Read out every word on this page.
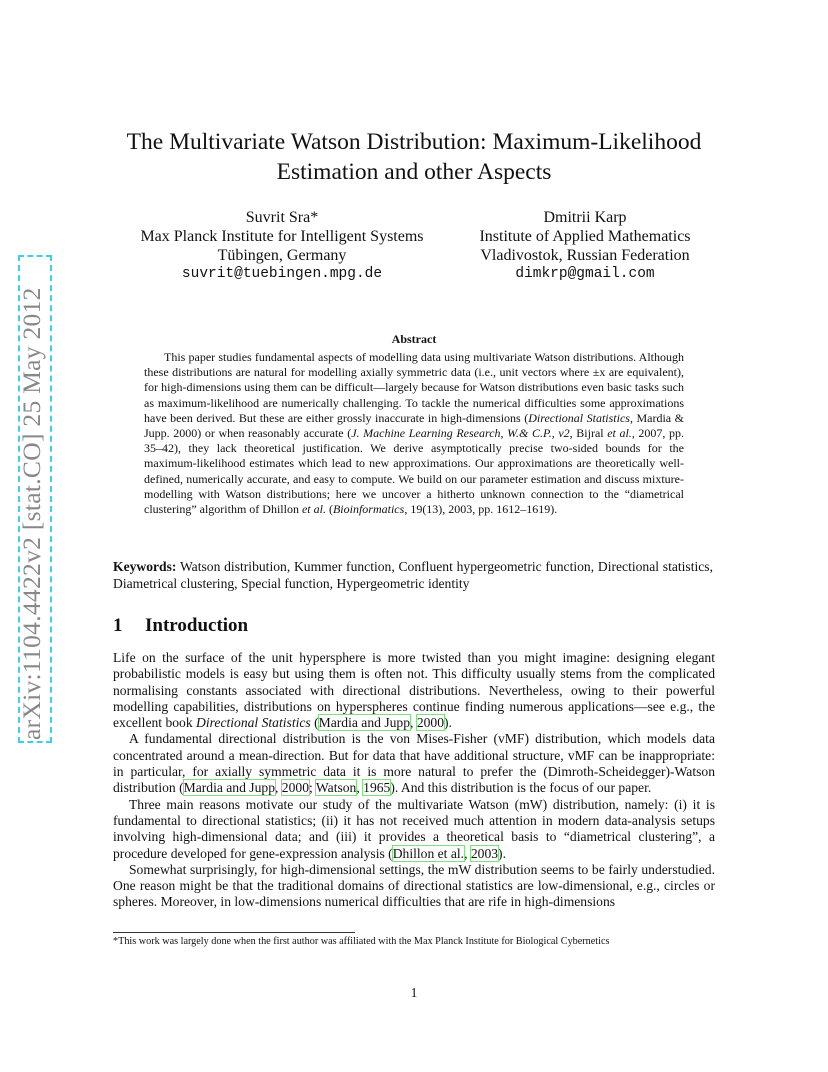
arXiv:1104.4422v2 [stat.CO] 25 May 2012
The Multivariate Watson Distribution: Maximum-Likelihood Estimation and other Aspects
Suvrit Sra*
Max Planck Institute for Intelligent Systems
Tübingen, Germany
suvrit@tuebingen.mpg.de
Dmitrii Karp
Institute of Applied Mathematics
Vladivostok, Russian Federation
dimkrp@gmail.com
Abstract
This paper studies fundamental aspects of modelling data using multivariate Watson distributions. Although these distributions are natural for modelling axially symmetric data (i.e., unit vectors where ±x are equivalent), for high-dimensions using them can be difficult—largely because for Watson distributions even basic tasks such as maximum-likelihood are numerically challenging. To tackle the numerical difficulties some approximations have been derived. But these are either grossly inaccurate in high-dimensions (Directional Statistics, Mardia & Jupp. 2000) or when reasonably accurate (J. Machine Learning Research, W.& C.P., v2, Bijral et al., 2007, pp. 35–42), they lack theoretical justification. We derive asymptotically precise two-sided bounds for the maximum-likelihood estimates which lead to new approximations. Our approximations are theoretically well-defined, numerically accurate, and easy to compute. We build on our parameter estimation and discuss mixture-modelling with Watson distributions; here we uncover a hitherto unknown connection to the “diametrical clustering” algorithm of Dhillon et al. (Bioinformatics, 19(13), 2003, pp. 1612–1619).
Keywords: Watson distribution, Kummer function, Confluent hypergeometric function, Directional statistics, Diametrical clustering, Special function, Hypergeometric identity
1 Introduction

Life on the surface of the unit hypersphere is more twisted than you might imagine: designing elegant probabilistic models is easy but using them is often not. This difficulty usually stems from the complicated normalising constants associated with directional distributions. Nevertheless, owing to their powerful modelling capabilities, distributions on hyperspheres continue finding numerous applications—see e.g., the excellent book Directional Statistics (Mardia and Jupp, 2000).

A fundamental directional distribution is the von Mises-Fisher (vMF) distribution, which models data concentrated around a mean-direction. But for data that have additional structure, vMF can be inappropriate: in particular, for axially symmetric data it is more natural to prefer the (Dimroth-Scheidegger)-Watson distribution (Mardia and Jupp, 2000; Watson, 1965). And this distribution is the focus of our paper.

Three main reasons motivate our study of the multivariate Watson (mW) distribution, namely: (i) it is fundamental to directional statistics; (ii) it has not received much attention in modern data-analysis setups involving high-dimensional data; and (iii) it provides a theoretical basis to “diametrical clustering”, a procedure developed for gene-expression analysis (Dhillon et al., 2003).

Somewhat surprisingly, for high-dimensional settings, the mW distribution seems to be fairly understudied. One reason might be that the traditional domains of directional statistics are low-dimensional, e.g., circles or spheres. Moreover, in low-dimensions numerical difficulties that are rife in high-dimensions

*This work was largely done when the first author was affiliated with the Max Planck Institute for Biological Cybernetics
1
